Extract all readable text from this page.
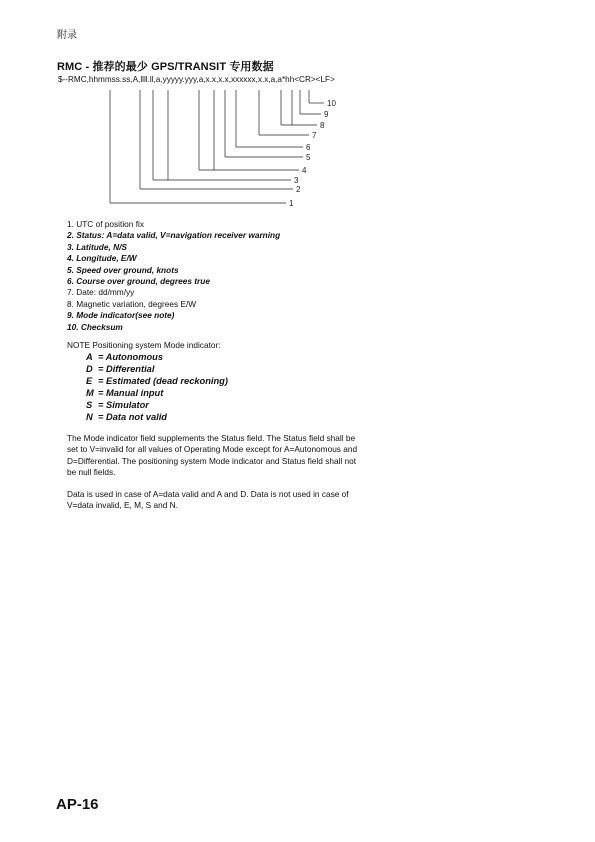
附录
RMC - 推荐的最少 GPS/TRANSIT 专用数据
$--RMC,hhmmss.ss,A,llll.ll,a,yyyyy.yyy,a,x.x,x.x,xxxxxx,x.x,a,a*hh<CR><LF>
10
9
8
7
6
5
4
3
2
1
1. UTC of position fix
2. Status: A=data valid, V=navigation receiver warning
3. Latitude, N/S
4. Longitude, E/W
5. Speed over ground, knots
6. Course over ground, degrees true
7. Date: dd/mm/yy
8. Magnetic variation, degrees E/W
9. Mode indicator(see note)
10. Checksum
NOTE Positioning system Mode indicator:
A = Autonomous
D = Differential
E = Estimated (dead reckoning)
M = Manual input
S = Simulator
N = Data not valid

The Mode indicator field supplements the Status field. The Status field shall be set to V=invalid for all values of Operating Mode except for A=Autonomous and D=Differential. The positioning system Mode indicator and Status field shall not be null fields.

Data is used in case of A=data valid and A and D. Data is not used in case of V=data invalid, E, M, S and N.

AP-16
